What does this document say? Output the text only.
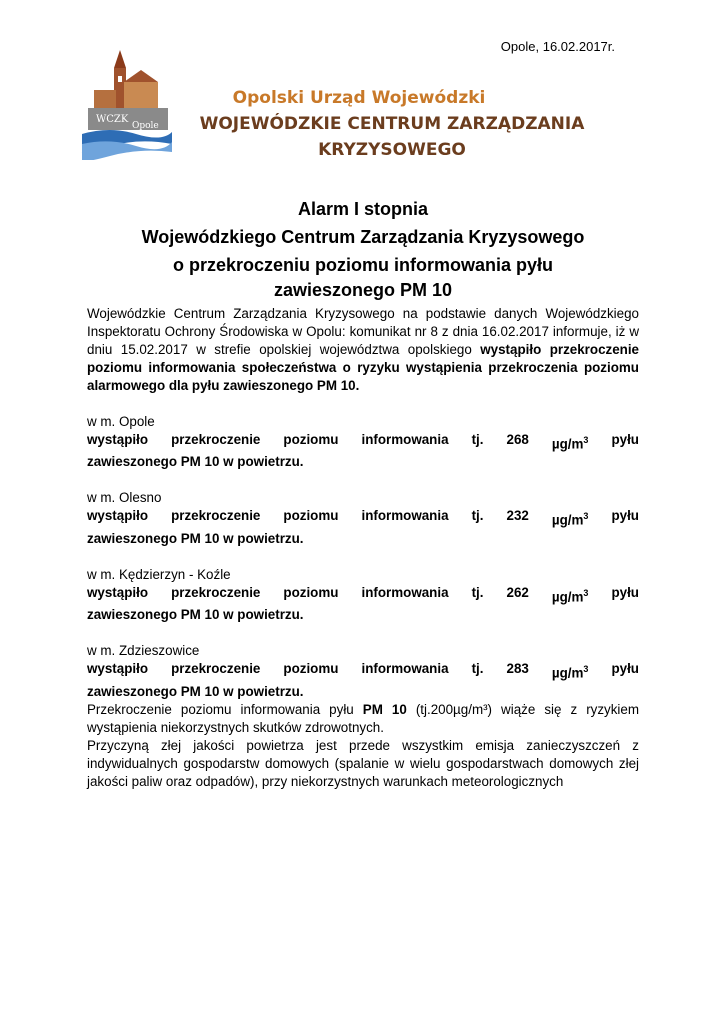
Opole, 16.02.2017r.
WCZK
Opole
Opolski Urząd Wojewódzki
WOJEWÓDZKIE CENTRUM ZARZĄDZANIA
KRYZYSOWEGO
Alarm I stopnia
Wojewódzkiego Centrum Zarządzania Kryzysowego
o przekroczeniu poziomu informowania pyłu
zawieszonego PM 10

Wojewódzkie Centrum Zarządzania Kryzysowego na podstawie danych Wojewódzkiego Inspektoratu Ochrony Środowiska w Opolu: komunikat nr 8 z dnia 16.02.2017 informuje, iż w dniu 15.02.2017 w strefie opolskiej województwa opolskiego wystąpiło przekroczenie poziomu informowania społeczeństwa o ryzyku wystąpienia przekroczenia poziomu alarmowego dla pyłu zawieszonego PM 10.

w m. Opole
wystąpiło przekroczenie poziomu informowania tj. 268 $\mu g/m^3$ pyłu
zawieszonego PM 10 w powietrzu.
w m. Olesno
wystąpiło przekroczenie poziomu informowania tj. 232 $\mu g/m^3$ pyłu
zawieszonego PM 10 w powietrzu.
w m. Kędzierzyn - Koźle
wystąpiło przekroczenie poziomu informowania tj. 262 $\mu g/m^3$ pyłu
zawieszonego PM 10 w powietrzu.
w m. Zdzieszowice
wystąpiło przekroczenie poziomu informowania tj. 283 $\mu g/m^3$ pyłu
zawieszonego PM 10 w powietrzu.

Przekroczenie poziomu informowania pyłu PM 10 (tj.200µg/m³) wiąże się z ryzykiem wystąpienia niekorzystnych skutków zdrowotnych.

Przyczyną złej jakości powietrza jest przede wszystkim emisja zanieczyszczeń z indywidualnych gospodarstw domowych (spalanie w wielu gospodarstwach domowych złej jakości paliw oraz odpadów), przy niekorzystnych warunkach meteorologicznych
